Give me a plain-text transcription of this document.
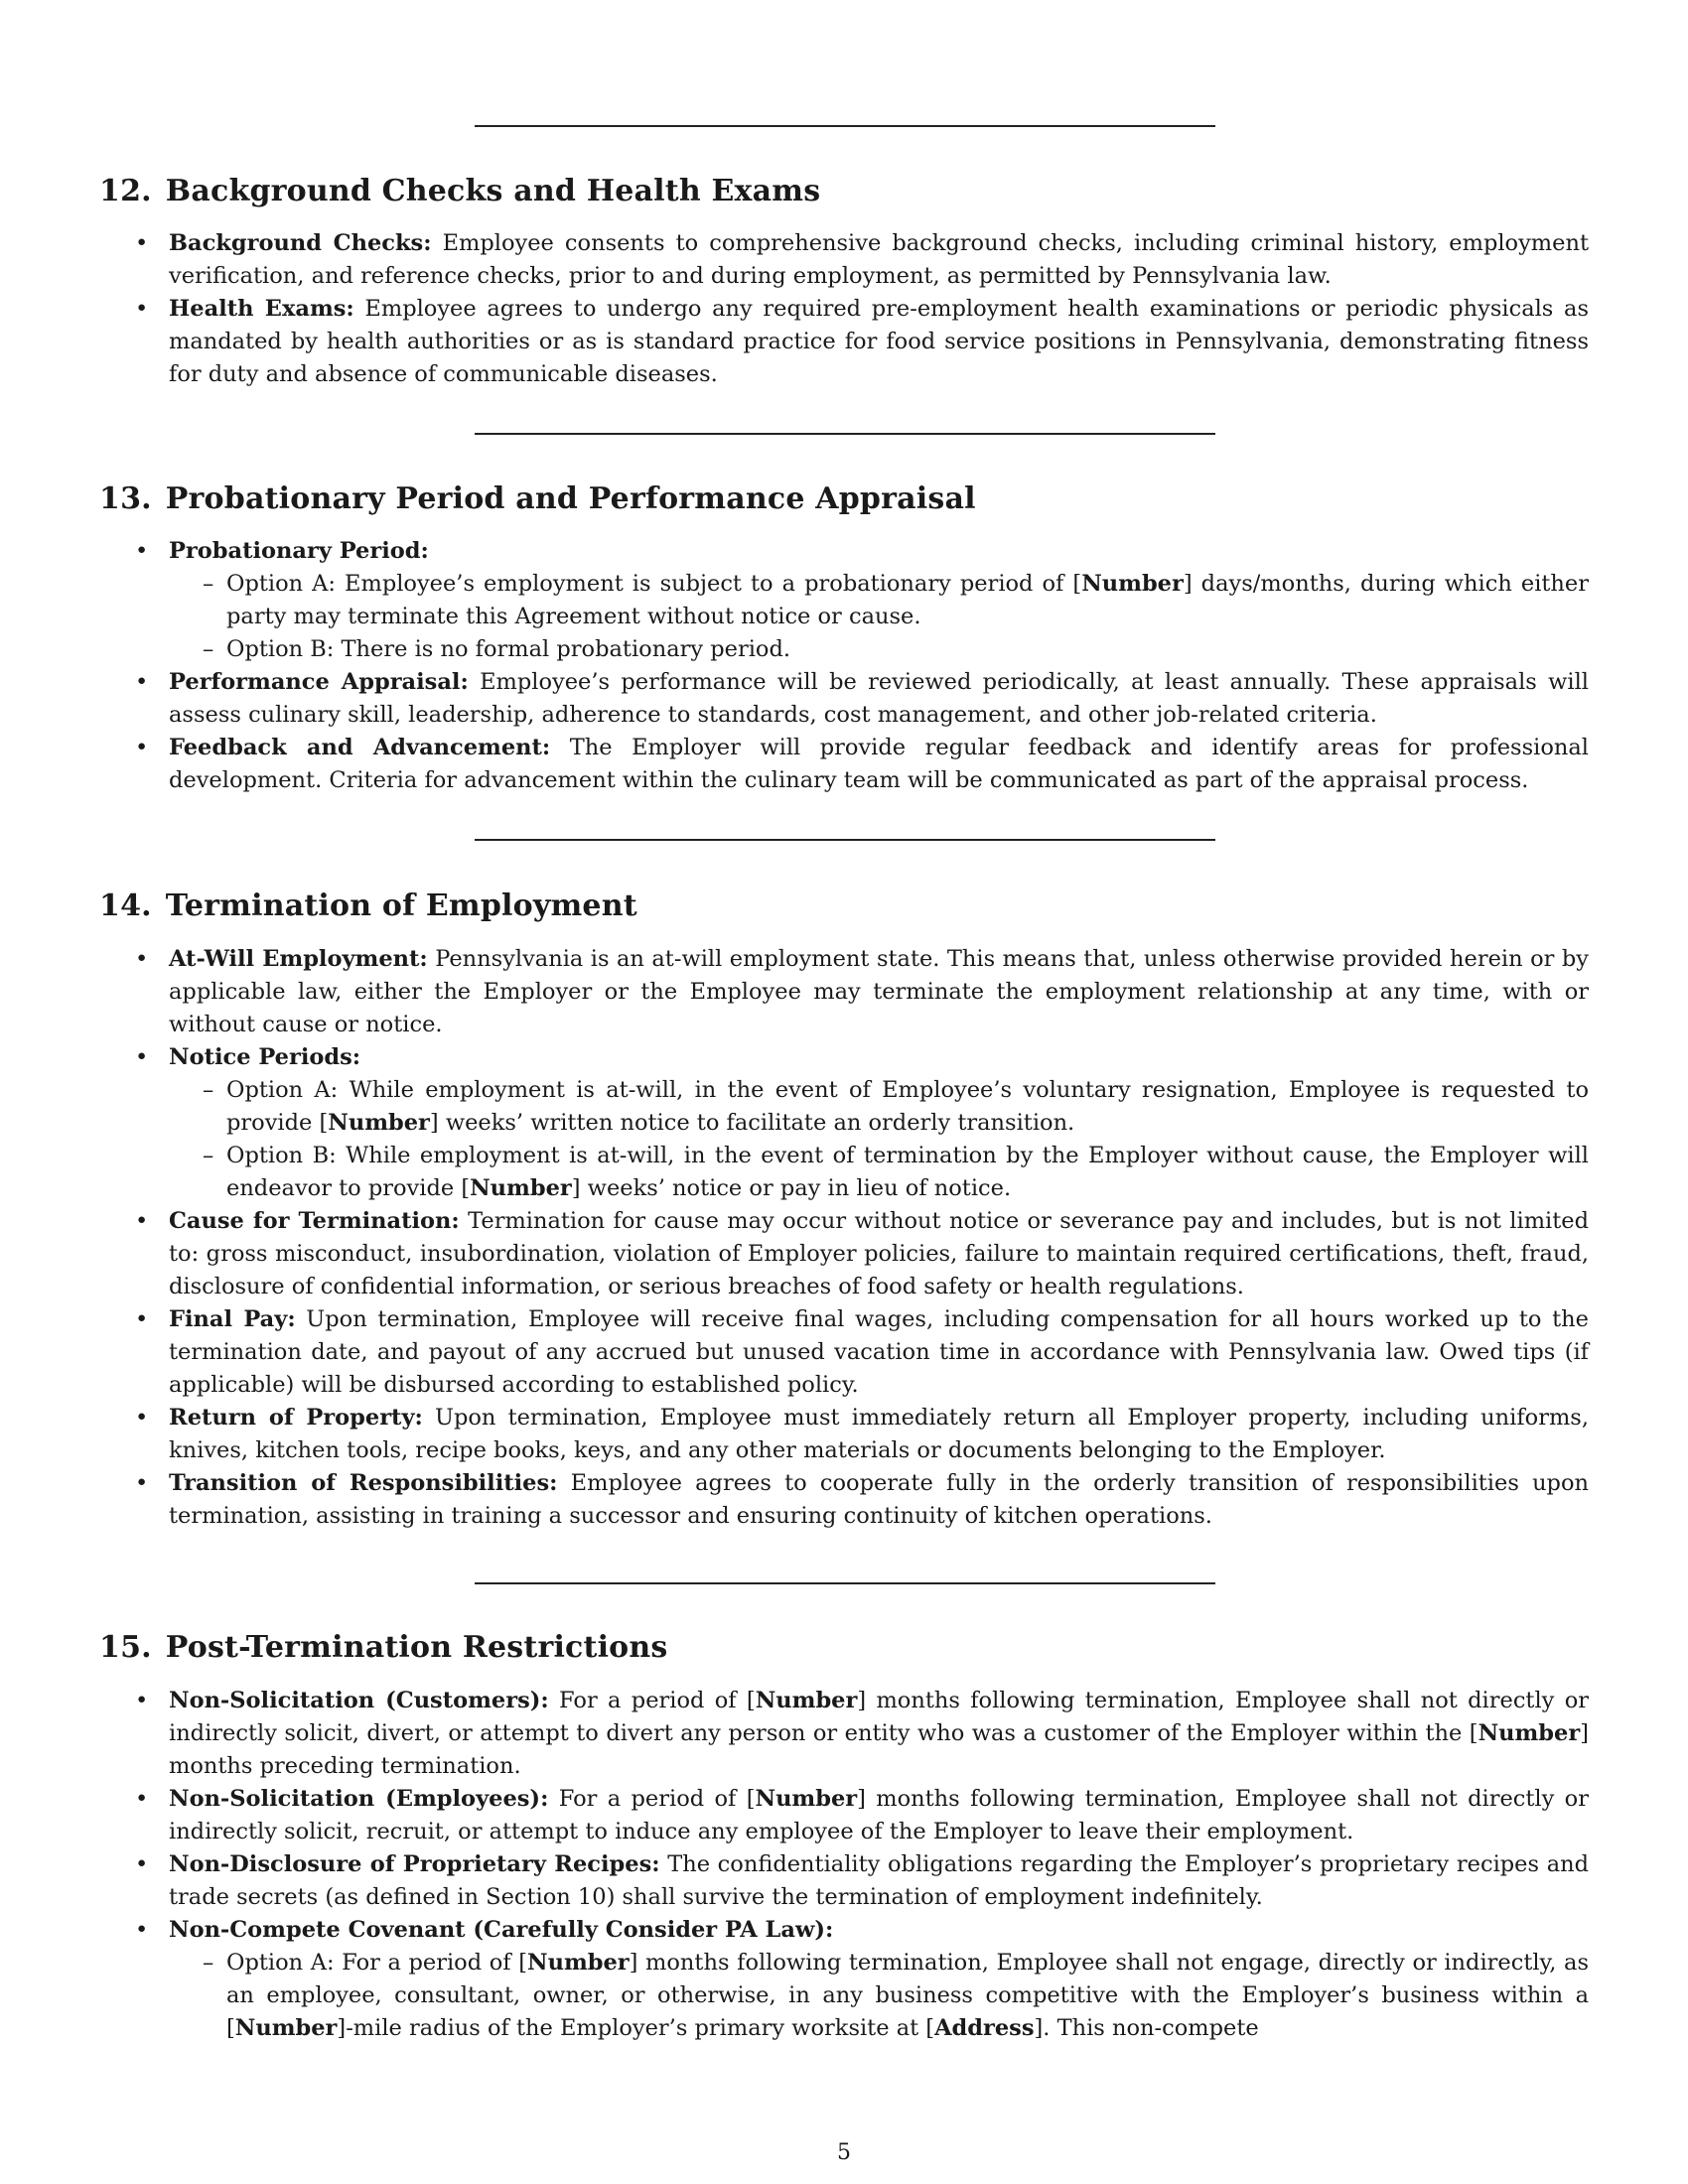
12. Background Checks and Health Exams
• Background Checks: Employee consents to comprehensive background checks, including criminal history, employment verification, and reference checks, prior to and during employment, as permitted by Pennsylvania law.
• Health Exams: Employee agrees to undergo any required pre-employment health examinations or periodic physicals as mandated by health authorities or as is standard practice for food service positions in Pennsylvania, demonstrating fitness for duty and absence of communicable diseases.
13. Probationary Period and Performance Appraisal
• Probationary Period:
– Option A: Employee’s employment is subject to a probationary period of [Number] days/months, during which either party may terminate this Agreement without notice or cause.
– Option B: There is no formal probationary period.
• Performance Appraisal: Employee’s performance will be reviewed periodically, at least annually. These appraisals will assess culinary skill, leadership, adherence to standards, cost management, and other job-related criteria.
• Feedback and Advancement: The Employer will provide regular feedback and identify areas for professional development. Criteria for advancement within the culinary team will be communicated as part of the appraisal process.
14. Termination of Employment
• At-Will Employment: Pennsylvania is an at-will employment state. This means that, unless otherwise provided herein or by applicable law, either the Employer or the Employee may terminate the employment relationship at any time, with or without cause or notice.
• Notice Periods:
– Option A: While employment is at-will, in the event of Employee’s voluntary resignation, Employee is requested to provide [Number] weeks’ written notice to facilitate an orderly transition.
– Option B: While employment is at-will, in the event of termination by the Employer without cause, the Employer will endeavor to provide [Number] weeks’ notice or pay in lieu of notice.
• Cause for Termination: Termination for cause may occur without notice or severance pay and includes, but is not limited to: gross misconduct, insubordination, violation of Employer policies, failure to maintain required certifications, theft, fraud, disclosure of confidential information, or serious breaches of food safety or health regulations.
• Final Pay: Upon termination, Employee will receive final wages, including compensation for all hours worked up to the termination date, and payout of any accrued but unused vacation time in accordance with Pennsylvania law. Owed tips (if applicable) will be disbursed according to established policy.
• Return of Property: Upon termination, Employee must immediately return all Employer property, including uniforms, knives, kitchen tools, recipe books, keys, and any other materials or documents belonging to the Employer.
• Transition of Responsibilities: Employee agrees to cooperate fully in the orderly transition of responsibilities upon termination, assisting in training a successor and ensuring continuity of kitchen operations.
15. Post-Termination Restrictions
• Non-Solicitation (Customers): For a period of [Number] months following termination, Employee shall not directly or indirectly solicit, divert, or attempt to divert any person or entity who was a customer of the Employer within the [Number] months preceding termination.
• Non-Solicitation (Employees): For a period of [Number] months following termination, Employee shall not directly or indirectly solicit, recruit, or attempt to induce any employee of the Employer to leave their employment.
• Non-Disclosure of Proprietary Recipes: The confidentiality obligations regarding the Employer’s proprietary recipes and trade secrets (as defined in Section 10) shall survive the termination of employment indefinitely.
• Non-Compete Covenant (Carefully Consider PA Law):
– Option A: For a period of [Number] months following termination, Employee shall not engage, directly or indirectly, as an employee, consultant, owner, or otherwise, in any business competitive with the Employer’s business within a [Number]-mile radius of the Employer’s primary worksite at [Address]. This non-compete
5
